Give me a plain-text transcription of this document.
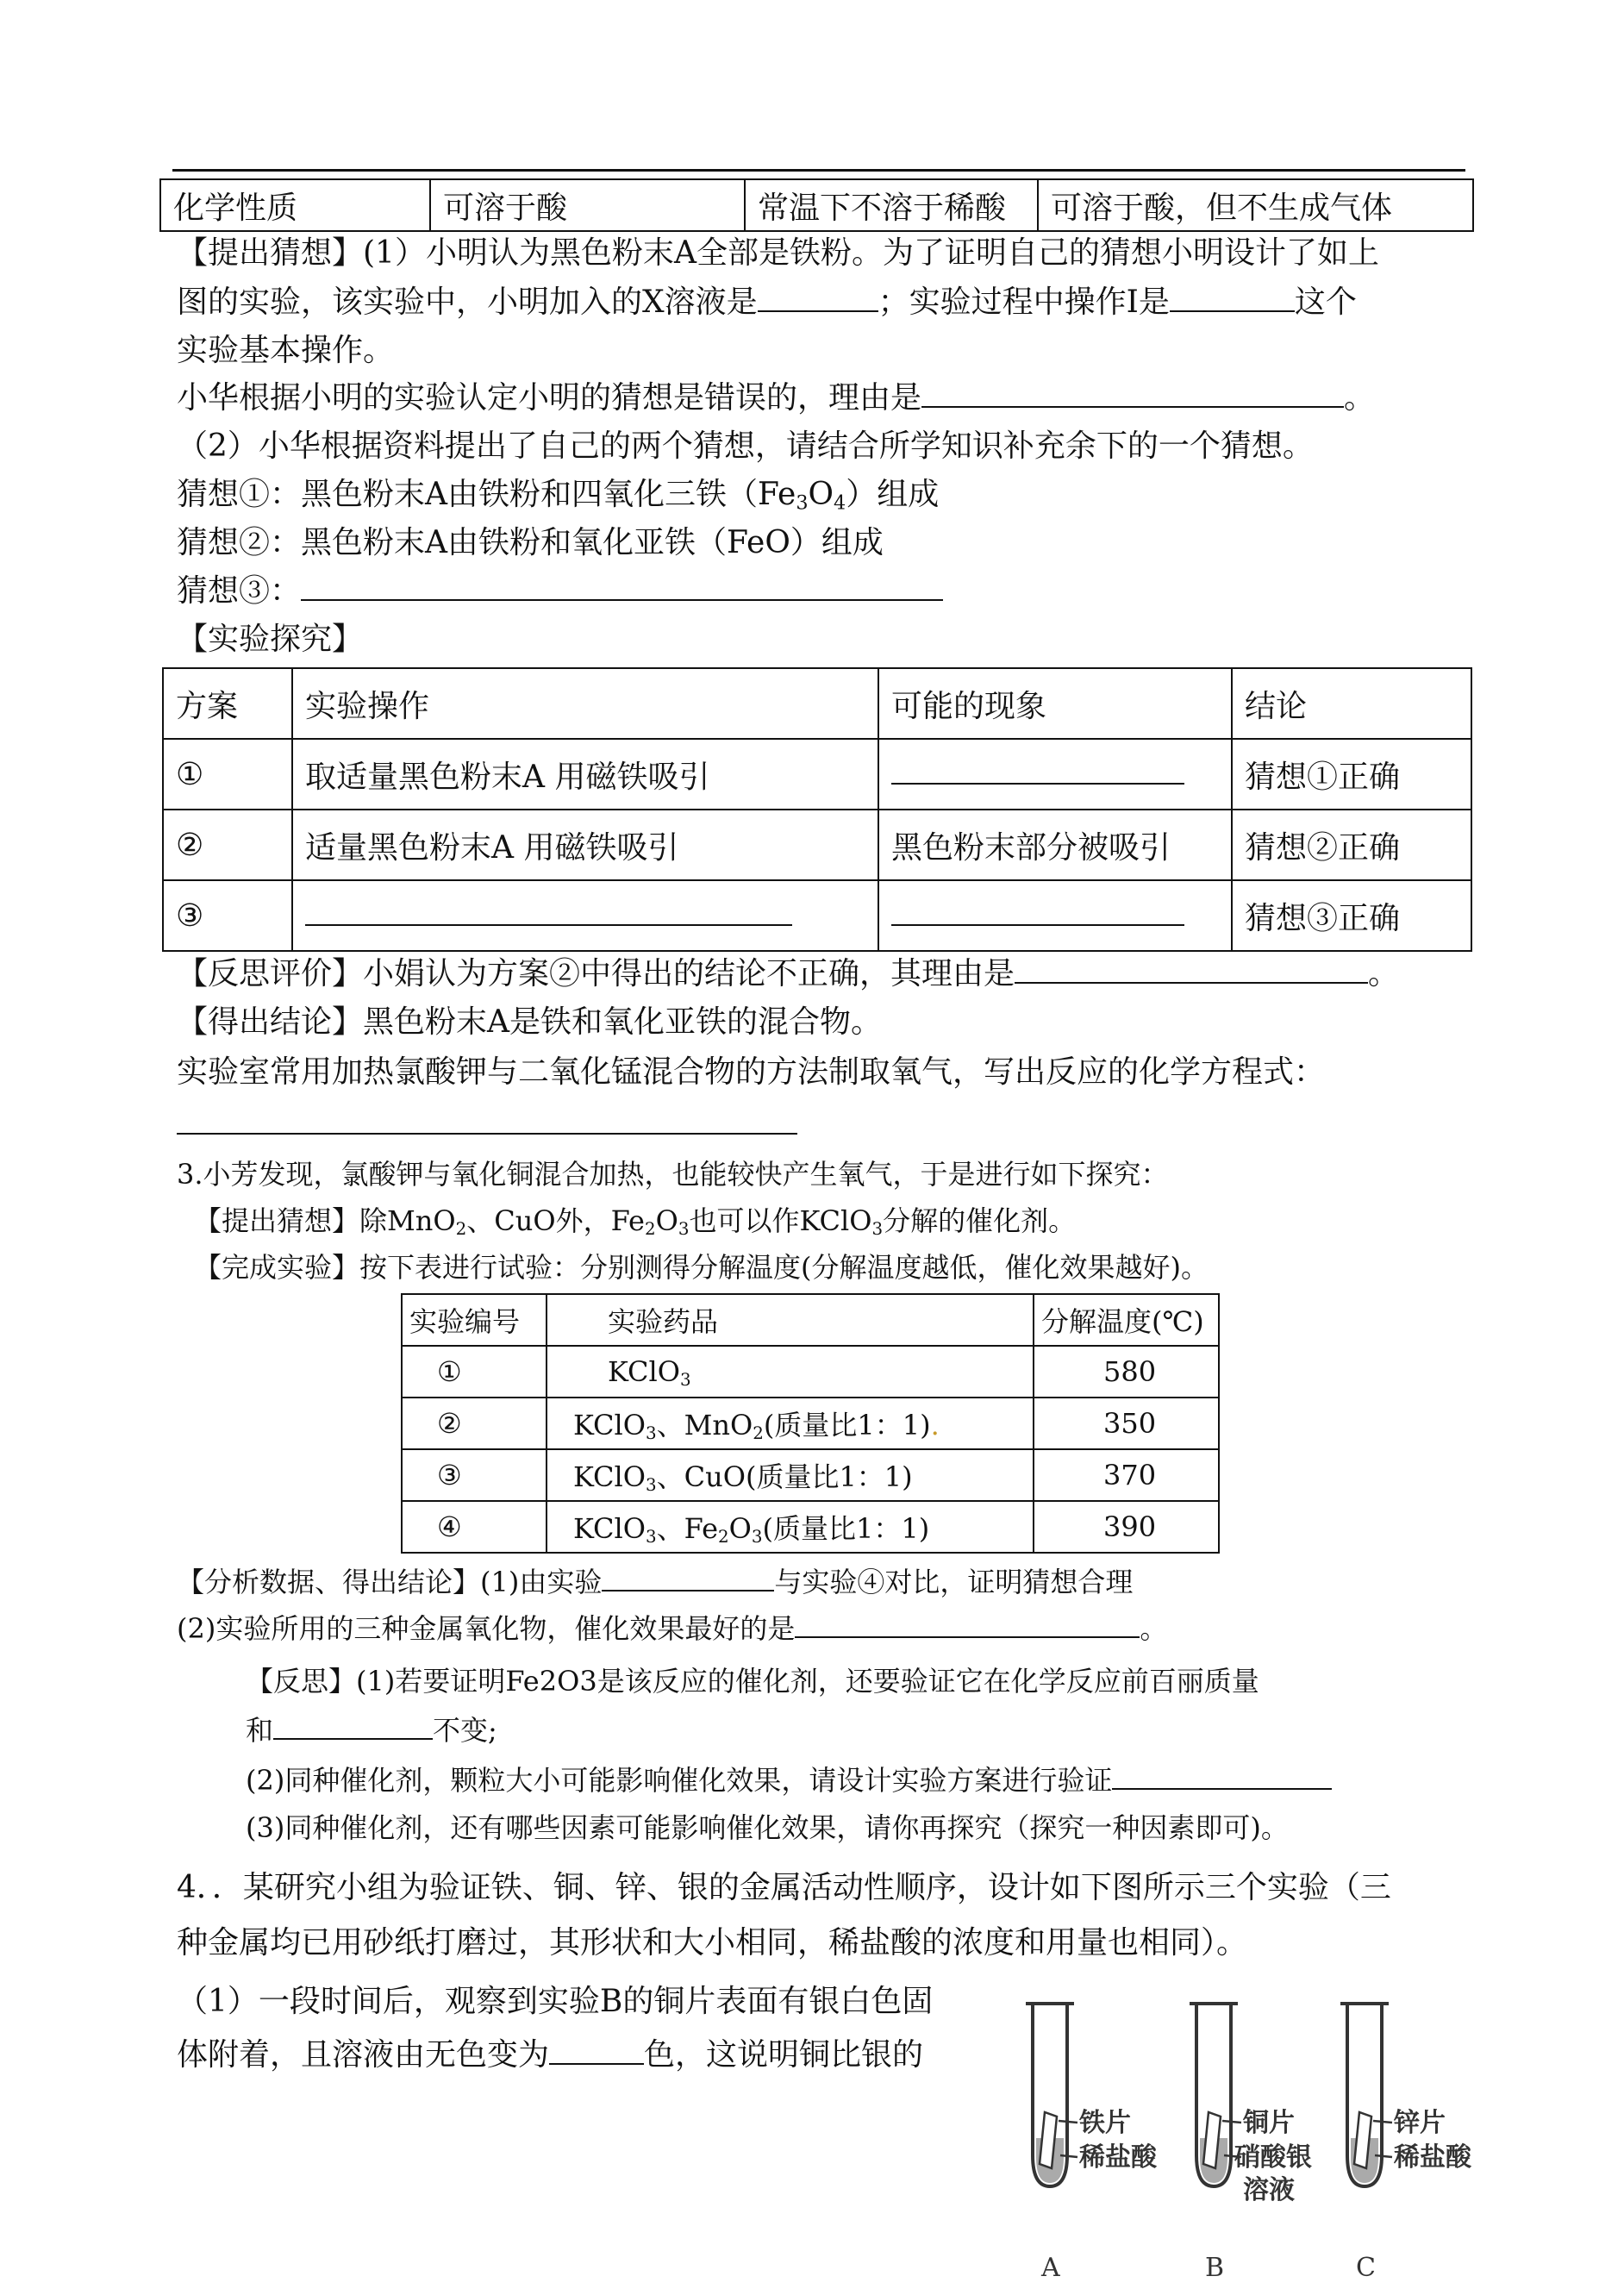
化学性质	可溶于酸	常温下不溶于稀酸	可溶于酸，但不生成气体
【提出猜想】(1）小明认为黑色粉末A全部是铁粉。为了证明自己的猜想小明设计了如上
图的实验，该实验中，小明加入的X溶液是	；实验过程中操作Ⅰ是	这个
实验基本操作。
小华根据小明的实验认定小明的猜想是错误的，理由是	。
（2）小华根据资料提出了自己的两个猜想，请结合所学知识补充余下的一个猜想。
猜想①：黑色粉末A由铁粉和四氧化三铁$(Fe_3O_4)$组成
猜想②：黑色粉末A由铁粉和氧化亚铁（FeO）组成
猜想③：
【实验探究】
方案	实验操作	可能的现象	结论
①	取适量黑色粉末A 用磁铁吸引		猜想①正确
②	适量黑色粉末A 用磁铁吸引	黑色粉末部分被吸引	猜想②正确
③			猜想③正确
【反思评价】小娟认为方案②中得出的结论不正确，其理由是	。
【得出结论】黑色粉末A是铁和氧化亚铁的混合物。
实验室常用加热氯酸钾与二氧化锰混合物的方法制取氧气，写出反应的化学方程式：
3.小芳发现，氯酸钾与氧化铜混合加热，也能较快产生氧气，于是进行如下探究：
【提出猜想】除MnO$_2$、CuO外，$Fe_2O_3$也可以作KClO$_3$分解的催化剂。
【完成实验】按下表进行试验：分别测得分解温度(分解温度越低，催化效果越好)。
实验编号	实验药品	分解温度(℃)
①	KClO$_3$	580
②	KClO$_3$、MnO$_2$(质量比1：1).	350
③	KClO$_3$、CuO(质量比1：1)	370
④	KClO$_3$、$Fe_2O_3$(质量比1：1)	390
【分析数据、得出结论】(1)由实验	与实验④对比，证明猜想合理
(2)实验所用的三种金属氧化物，催化效果最好的是	。
【反思】(1)若要证明Fe2O3是该反应的催化剂，还要验证它在化学反应前百丽质量
和	不变;
(2)同种催化剂，颗粒大小可能影响催化效果，请设计实验方案进行验证
(3)同种催化剂，还有哪些因素可能影响催化效果，请你再探究（探究一种因素即可)。
4．．某研究小组为验证铁、铜、锌、银的金属活动性顺序，设计如下图所示三个实验（三
种金属均已用砂纸打磨过，其形状和大小相同，稀盐酸的浓度和用量也相同）。
（1）一段时间后，观察到实验B的铜片表面有银白色固
体附着，且溶液由无色变为	色，这说明铜比银的
铁片
稀盐酸
A
铜片
硝酸银
溶液
B
锌片
稀盐酸
C
